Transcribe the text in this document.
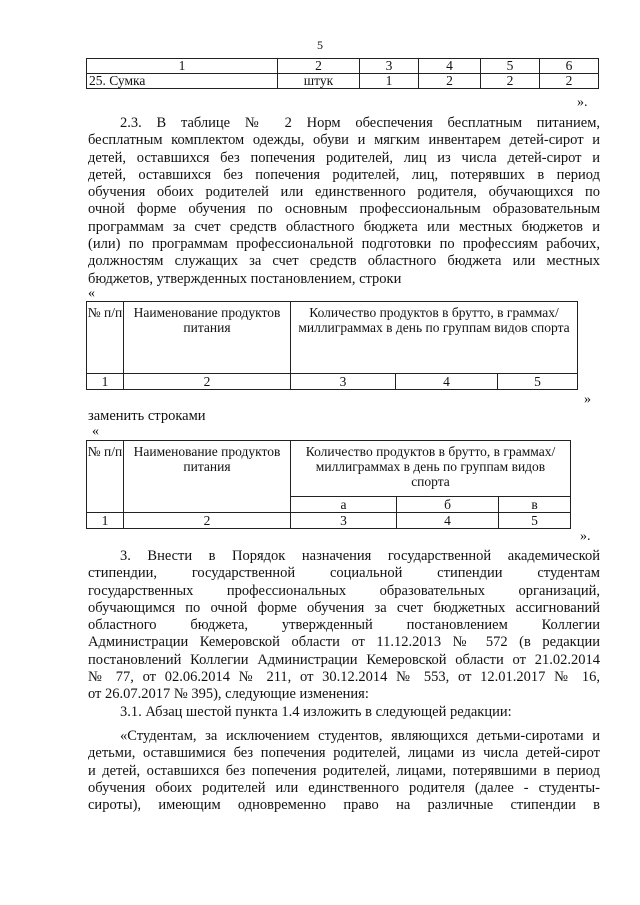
5
1	2	3	4	5	6
25. Сумка	штук	1	2	2	2
».
2.3. В таблице № 2 Норм обеспечения бесплатным питанием,
бесплатным комплектом одежды, обуви и мягким инвентарем детей-сирот и
детей, оставшихся без попечения родителей, лиц из числа детей-сирот и
детей, оставшихся без попечения родителей, лиц, потерявших в период
обучения обоих родителей или единственного родителя, обучающихся по
очной форме обучения по основным профессиональным образовательным
программам за счет средств областного бюджета или местных бюджетов и
(или) по программам профессиональной подготовки по профессиям рабочих,
должностям служащих за счет средств областного бюджета или местных
бюджетов, утвержденных постановлением, строки
«
№ п/п	Наименование продуктов питания	Количество продуктов в брутто, в граммах/миллиграммах в день по группам видов спорта		
1	2	3	4	5
»
заменить строками
«
№ п/п	Наименование продуктов питания	Количество продуктов в брутто, в граммах/миллиграммах в день по группам видов спорта		
		а	б	в
1	2	3	4	5
».
3. Внести в Порядок назначения государственной академической
стипендии, государственной социальной стипендии студентам
государственных профессиональных образовательных организаций,
обучающимся по очной форме обучения за счет бюджетных ассигнований
областного бюджета, утвержденный постановлением Коллегии
Администрации Кемеровской области от 11.12.2013 № 572 (в редакции
постановлений Коллегии Администрации Кемеровской области от 21.02.2014
№ 77, от 02.06.2014 № 211, от 30.12.2014 № 553, от 12.01.2017 № 16,
от 26.07.2017 № 395), следующие изменения:
3.1. Абзац шестой пункта 1.4 изложить в следующей редакции:
«Студентам, за исключением студентов, являющихся детьми-сиротами и
детьми, оставшимися без попечения родителей, лицами из числа детей-сирот
и детей, оставшихся без попечения родителей, лицами, потерявшими в период
обучения обоих родителей или единственного родителя (далее - студенты-
сироты), имеющим одновременно право на различные стипендии в
